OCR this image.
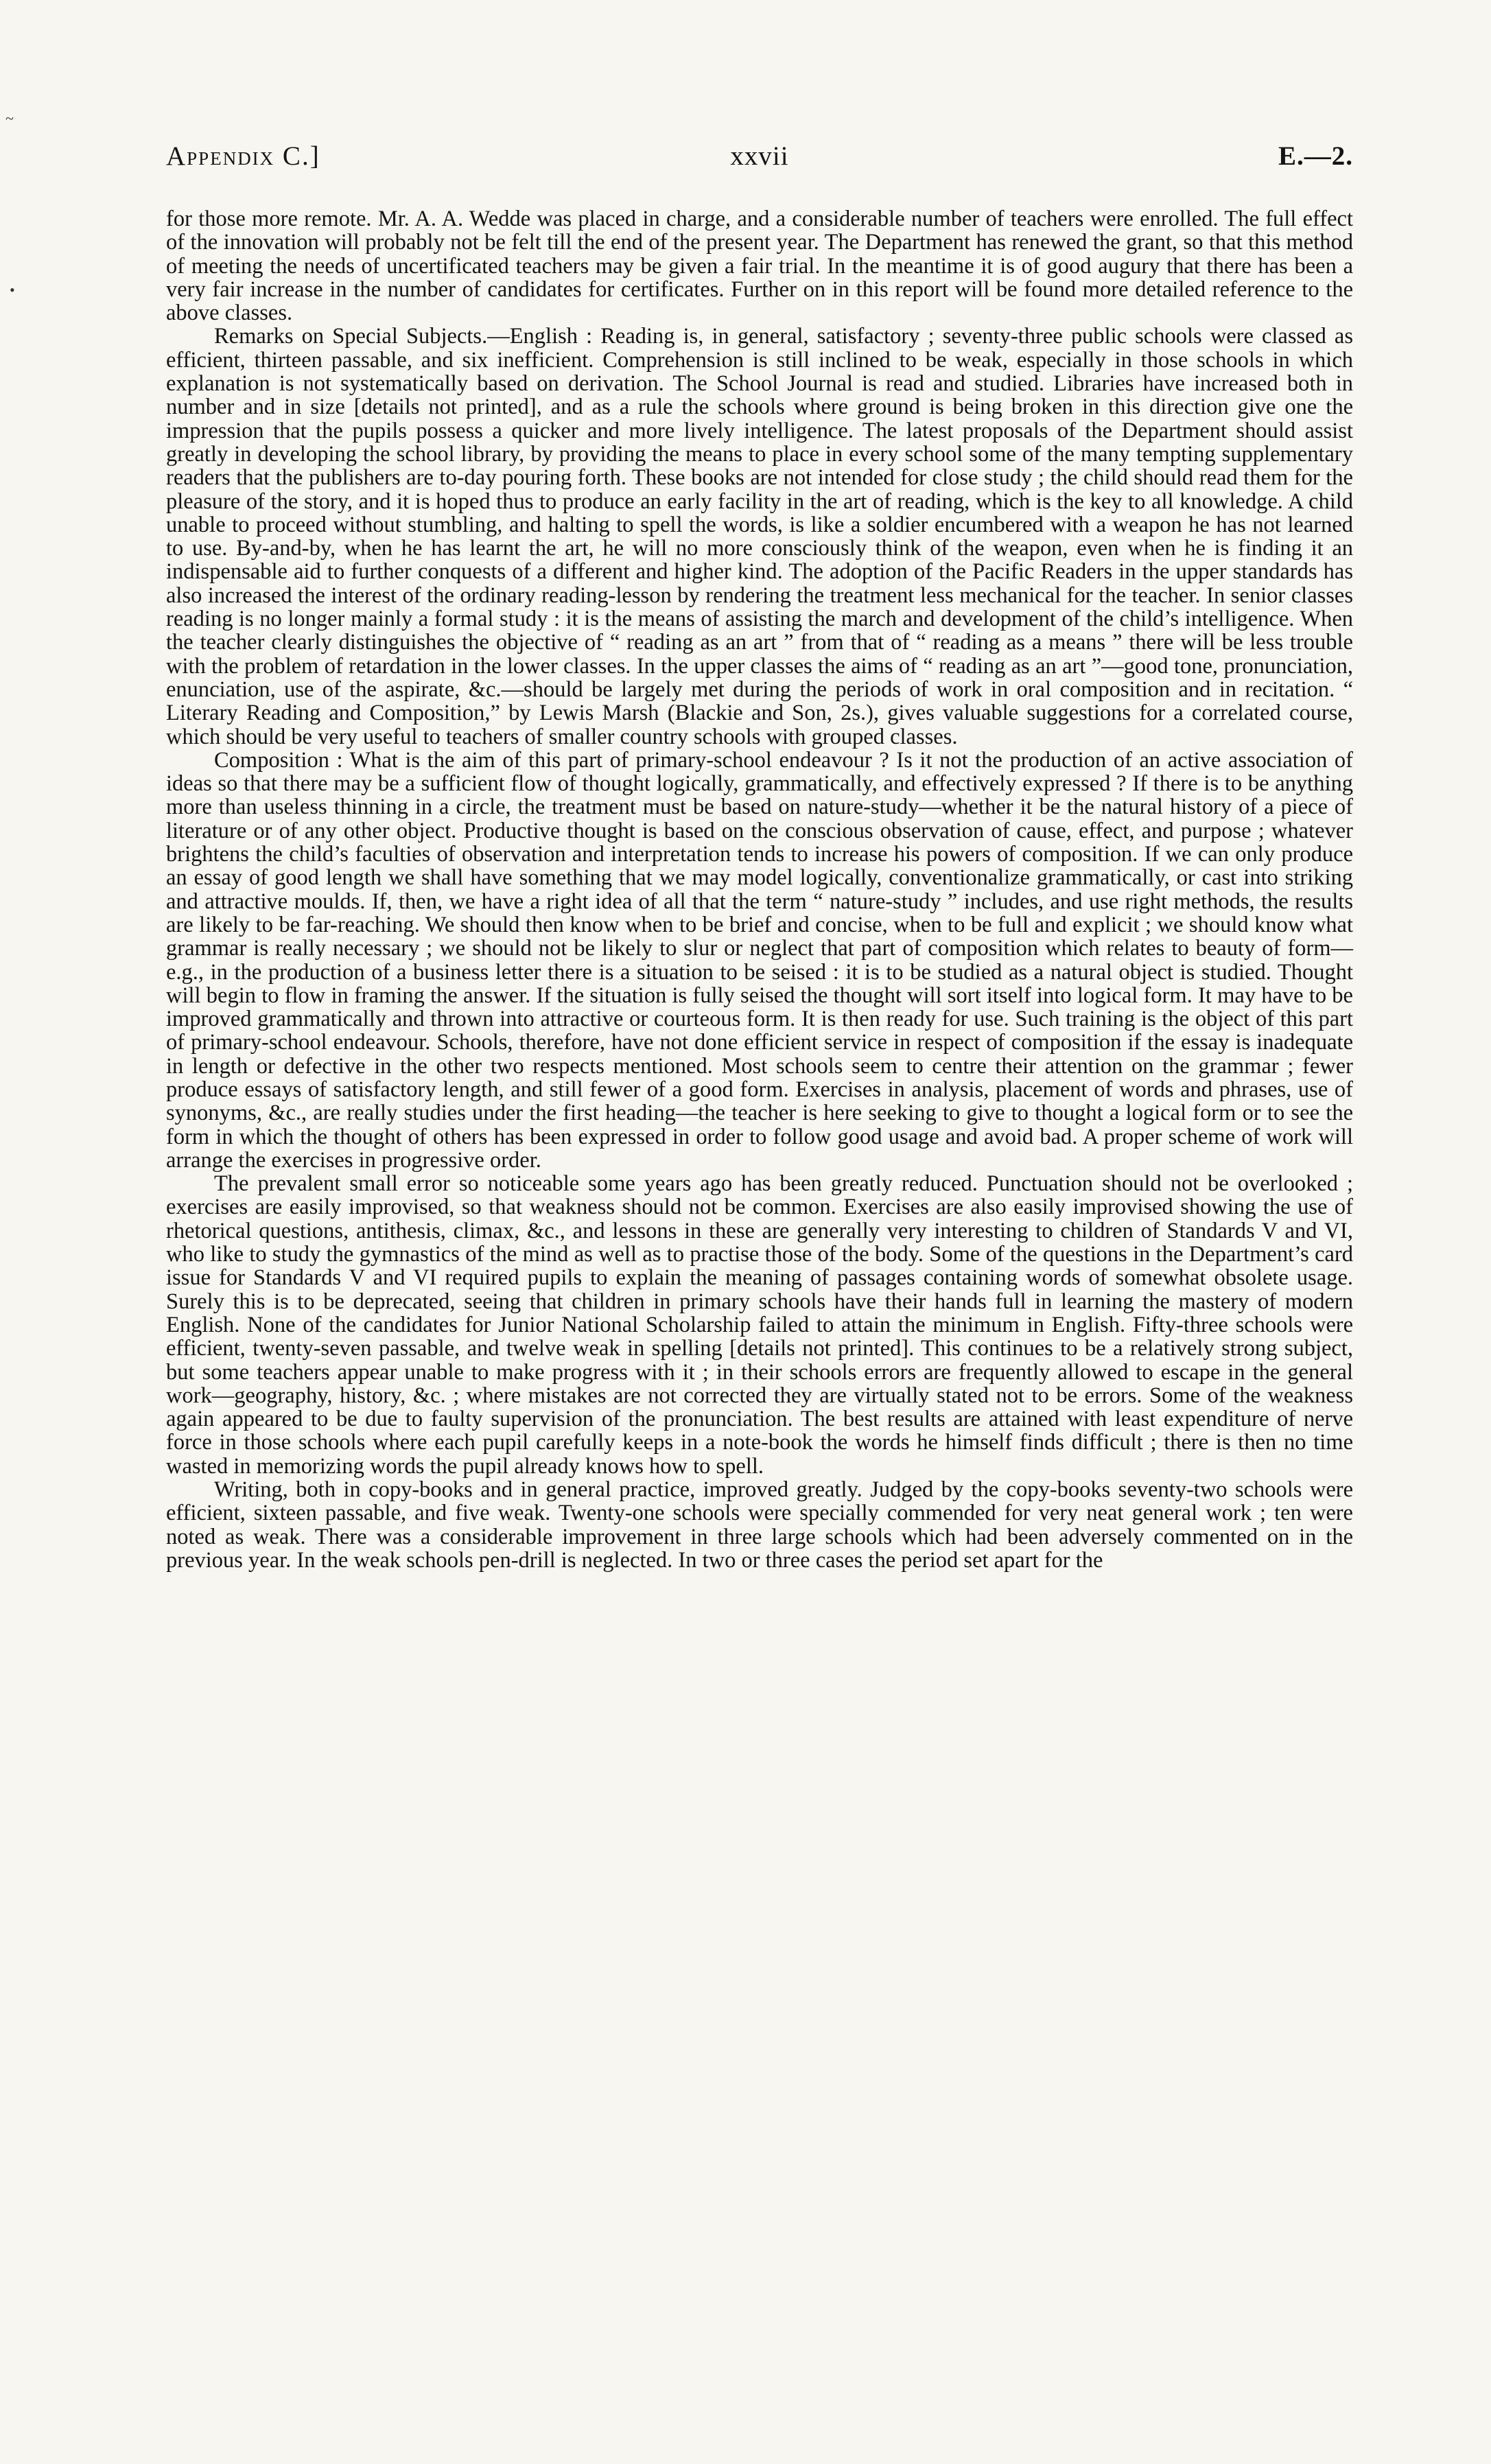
Appendix C.]	xxvii	E.—2.
~
•

for those more remote. Mr. A. A. Wedde was placed in charge, and a considerable number of teachers were enrolled. The full effect of the innovation will probably not be felt till the end of the present year. The Department has renewed the grant, so that this method of meeting the needs of uncertificated teachers may be given a fair trial. In the meantime it is of good augury that there has been a very fair increase in the number of candidates for certificates. Further on in this report will be found more detailed reference to the above classes.

Remarks on Special Subjects.—English : Reading is, in general, satisfactory ; seventy-three public schools were classed as efficient, thirteen passable, and six inefficient. Comprehension is still inclined to be weak, especially in those schools in which explanation is not systematically based on derivation. The School Journal is read and studied. Libraries have increased both in number and in size [details not printed], and as a rule the schools where ground is being broken in this direction give one the impression that the pupils possess a quicker and more lively intelligence. The latest proposals of the Department should assist greatly in developing the school library, by providing the means to place in every school some of the many tempting supplementary readers that the publishers are to-day pouring forth. These books are not intended for close study ; the child should read them for the pleasure of the story, and it is hoped thus to produce an early facility in the art of reading, which is the key to all knowledge. A child unable to proceed without stumbling, and halting to spell the words, is like a soldier encumbered with a weapon he has not learned to use. By-and-by, when he has learnt the art, he will no more consciously think of the weapon, even when he is finding it an indispensable aid to further conquests of a different and higher kind. The adoption of the Pacific Readers in the upper standards has also increased the interest of the ordinary reading-lesson by rendering the treatment less mechanical for the teacher. In senior classes reading is no longer mainly a formal study : it is the means of assisting the march and development of the child’s intelligence. When the teacher clearly distinguishes the objective of “ reading as an art ” from that of “ reading as a means ” there will be less trouble with the problem of retardation in the lower classes. In the upper classes the aims of “ reading as an art ”—good tone, pronunciation, enunciation, use of the aspirate, &c.—should be largely met during the periods of work in oral composition and in recitation. “ Literary Reading and Composition,” by Lewis Marsh (Blackie and Son, 2s.), gives valuable suggestions for a correlated course, which should be very useful to teachers of smaller country schools with grouped classes.

Composition : What is the aim of this part of primary-school endeavour ? Is it not the production of an active association of ideas so that there may be a sufficient flow of thought logically, grammatically, and effectively expressed ? If there is to be anything more than useless thinning in a circle, the treatment must be based on nature-study—whether it be the natural history of a piece of literature or of any other object. Productive thought is based on the conscious observation of cause, effect, and purpose ; whatever brightens the child’s faculties of observation and interpretation tends to increase his powers of composition. If we can only produce an essay of good length we shall have something that we may model logically, conventionalize grammatically, or cast into striking and attractive moulds. If, then, we have a right idea of all that the term “ nature-study ” includes, and use right methods, the results are likely to be far-reaching. We should then know when to be brief and concise, when to be full and explicit ; we should know what grammar is really necessary ; we should not be likely to slur or neglect that part of composition which relates to beauty of form—e.g., in the production of a business letter there is a situation to be seised : it is to be studied as a natural object is studied. Thought will begin to flow in framing the answer. If the situation is fully seised the thought will sort itself into logical form. It may have to be improved grammatically and thrown into attractive or courteous form. It is then ready for use. Such training is the object of this part of primary-school endeavour. Schools, therefore, have not done efficient service in respect of composition if the essay is inadequate in length or defective in the other two respects mentioned. Most schools seem to centre their attention on the grammar ; fewer produce essays of satisfactory length, and still fewer of a good form. Exercises in analysis, placement of words and phrases, use of synonyms, &c., are really studies under the first heading—the teacher is here seeking to give to thought a logical form or to see the form in which the thought of others has been expressed in order to follow good usage and avoid bad. A proper scheme of work will arrange the exercises in progressive order.

The prevalent small error so noticeable some years ago has been greatly reduced. Punctuation should not be overlooked ; exercises are easily improvised, so that weakness should not be common. Exercises are also easily improvised showing the use of rhetorical questions, antithesis, climax, &c., and lessons in these are generally very interesting to children of Standards V and VI, who like to study the gymnastics of the mind as well as to practise those of the body. Some of the questions in the Department’s card issue for Standards V and VI required pupils to explain the meaning of passages containing words of somewhat obsolete usage. Surely this is to be deprecated, seeing that children in primary schools have their hands full in learning the mastery of modern English. None of the candidates for Junior National Scholarship failed to attain the minimum in English. Fifty-three schools were efficient, twenty-seven passable, and twelve weak in spelling [details not printed]. This continues to be a relatively strong subject, but some teachers appear unable to make progress with it ; in their schools errors are frequently allowed to escape in the general work—geography, history, &c. ; where mistakes are not corrected they are virtually stated not to be errors. Some of the weakness again appeared to be due to faulty supervision of the pronunciation. The best results are attained with least expenditure of nerve force in those schools where each pupil carefully keeps in a note-book the words he himself finds difficult ; there is then no time wasted in memorizing words the pupil already knows how to spell.

Writing, both in copy-books and in general practice, improved greatly. Judged by the copy-books seventy-two schools were efficient, sixteen passable, and five weak. Twenty-one schools were specially commended for very neat general work ; ten were noted as weak. There was a considerable improvement in three large schools which had been adversely commented on in the previous year. In the weak schools pen-drill is neglected. In two or three cases the period set apart for the
